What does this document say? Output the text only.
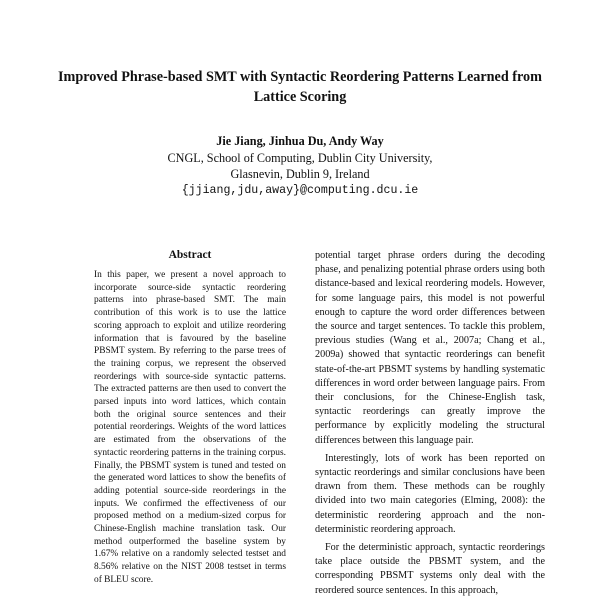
Improved Phrase-based SMT with Syntactic Reordering Patterns Learned from Lattice Scoring
Jie Jiang, Jinhua Du, Andy Way
CNGL, School of Computing, Dublin City University,
Glasnevin, Dublin 9, Ireland
{jjiang,jdu,away}@computing.dcu.ie
Abstract
In this paper, we present a novel approach to incorporate source-side syntactic reordering patterns into phrase-based SMT. The main contribution of this work is to use the lattice scoring approach to exploit and utilize reordering information that is favoured by the baseline PBSMT system. By referring to the parse trees of the training corpus, we represent the observed reorderings with source-side syntactic patterns. The extracted patterns are then used to convert the parsed inputs into word lattices, which contain both the original source sentences and their potential reorderings. Weights of the word lattices are estimated from the observations of the syntactic reordering patterns in the training corpus. Finally, the PBSMT system is tuned and tested on the generated word lattices to show the benefits of adding potential source-side reorderings in the inputs. We confirmed the effectiveness of our proposed method on a medium-sized corpus for Chinese-English machine translation task. Our method outperformed the baseline system by 1.67% relative on a randomly selected testset and 8.56% relative on the NIST 2008 testset in terms of BLEU score.

potential target phrase orders during the decoding phase, and penalizing potential phrase orders using both distance-based and lexical reordering models. However, for some language pairs, this model is not powerful enough to capture the word order differences between the source and target sentences. To tackle this problem, previous studies (Wang et al., 2007a; Chang et al., 2009a) showed that syntactic reorderings can benefit state-of-the-art PBSMT systems by handling systematic differences in word order between language pairs. From their conclusions, for the Chinese-English task, syntactic reorderings can greatly improve the performance by explicitly modeling the structural differences between this language pair.

Interestingly, lots of work has been reported on syntactic reorderings and similar conclusions have been drawn from them. These methods can be roughly divided into two main categories (Elming, 2008): the deterministic reordering approach and the non-deterministic reordering approach.

For the deterministic approach, syntactic reorderings take place outside the PBSMT system, and the corresponding PBSMT systems only deal with the reordered source sentences. In this approach,
